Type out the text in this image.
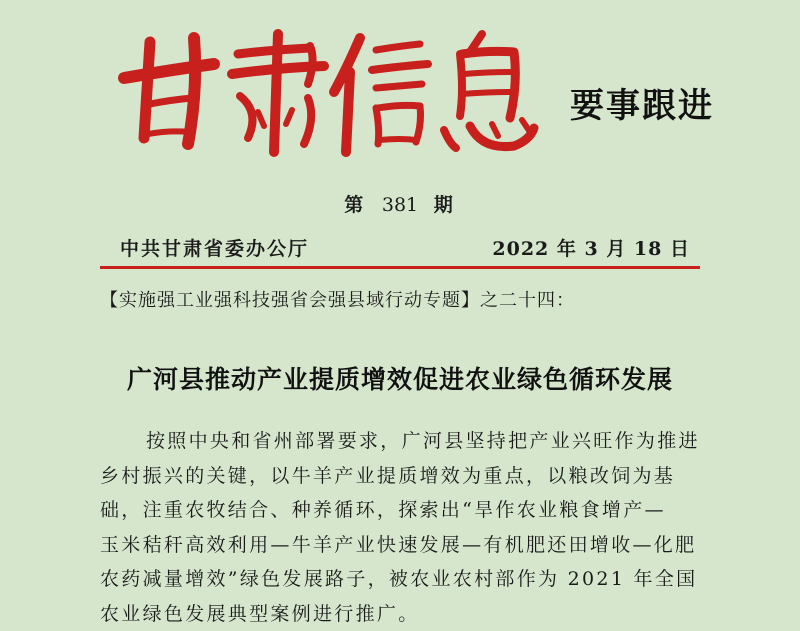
要事跟进
第 381 期
中共甘肃省委办公厅	2022 年 3 月 18 日
【实施强工业强科技强省会强县域行动专题】之二十四：
广河县推动产业提质增效促进农业绿色循环发展
按照中央和省州部署要求，广河县坚持把产业兴旺作为推进
乡村振兴的关键，以牛羊产业提质增效为重点，以粮改饲为基
础，注重农牧结合、种养循环，探索出“旱作农业粮食增产—
玉米秸秆高效利用—牛羊产业快速发展—有机肥还田增收—化肥
农药减量增效”绿色发展路子，被农业农村部作为 2021 年全国
农业绿色发展典型案例进行推广。
